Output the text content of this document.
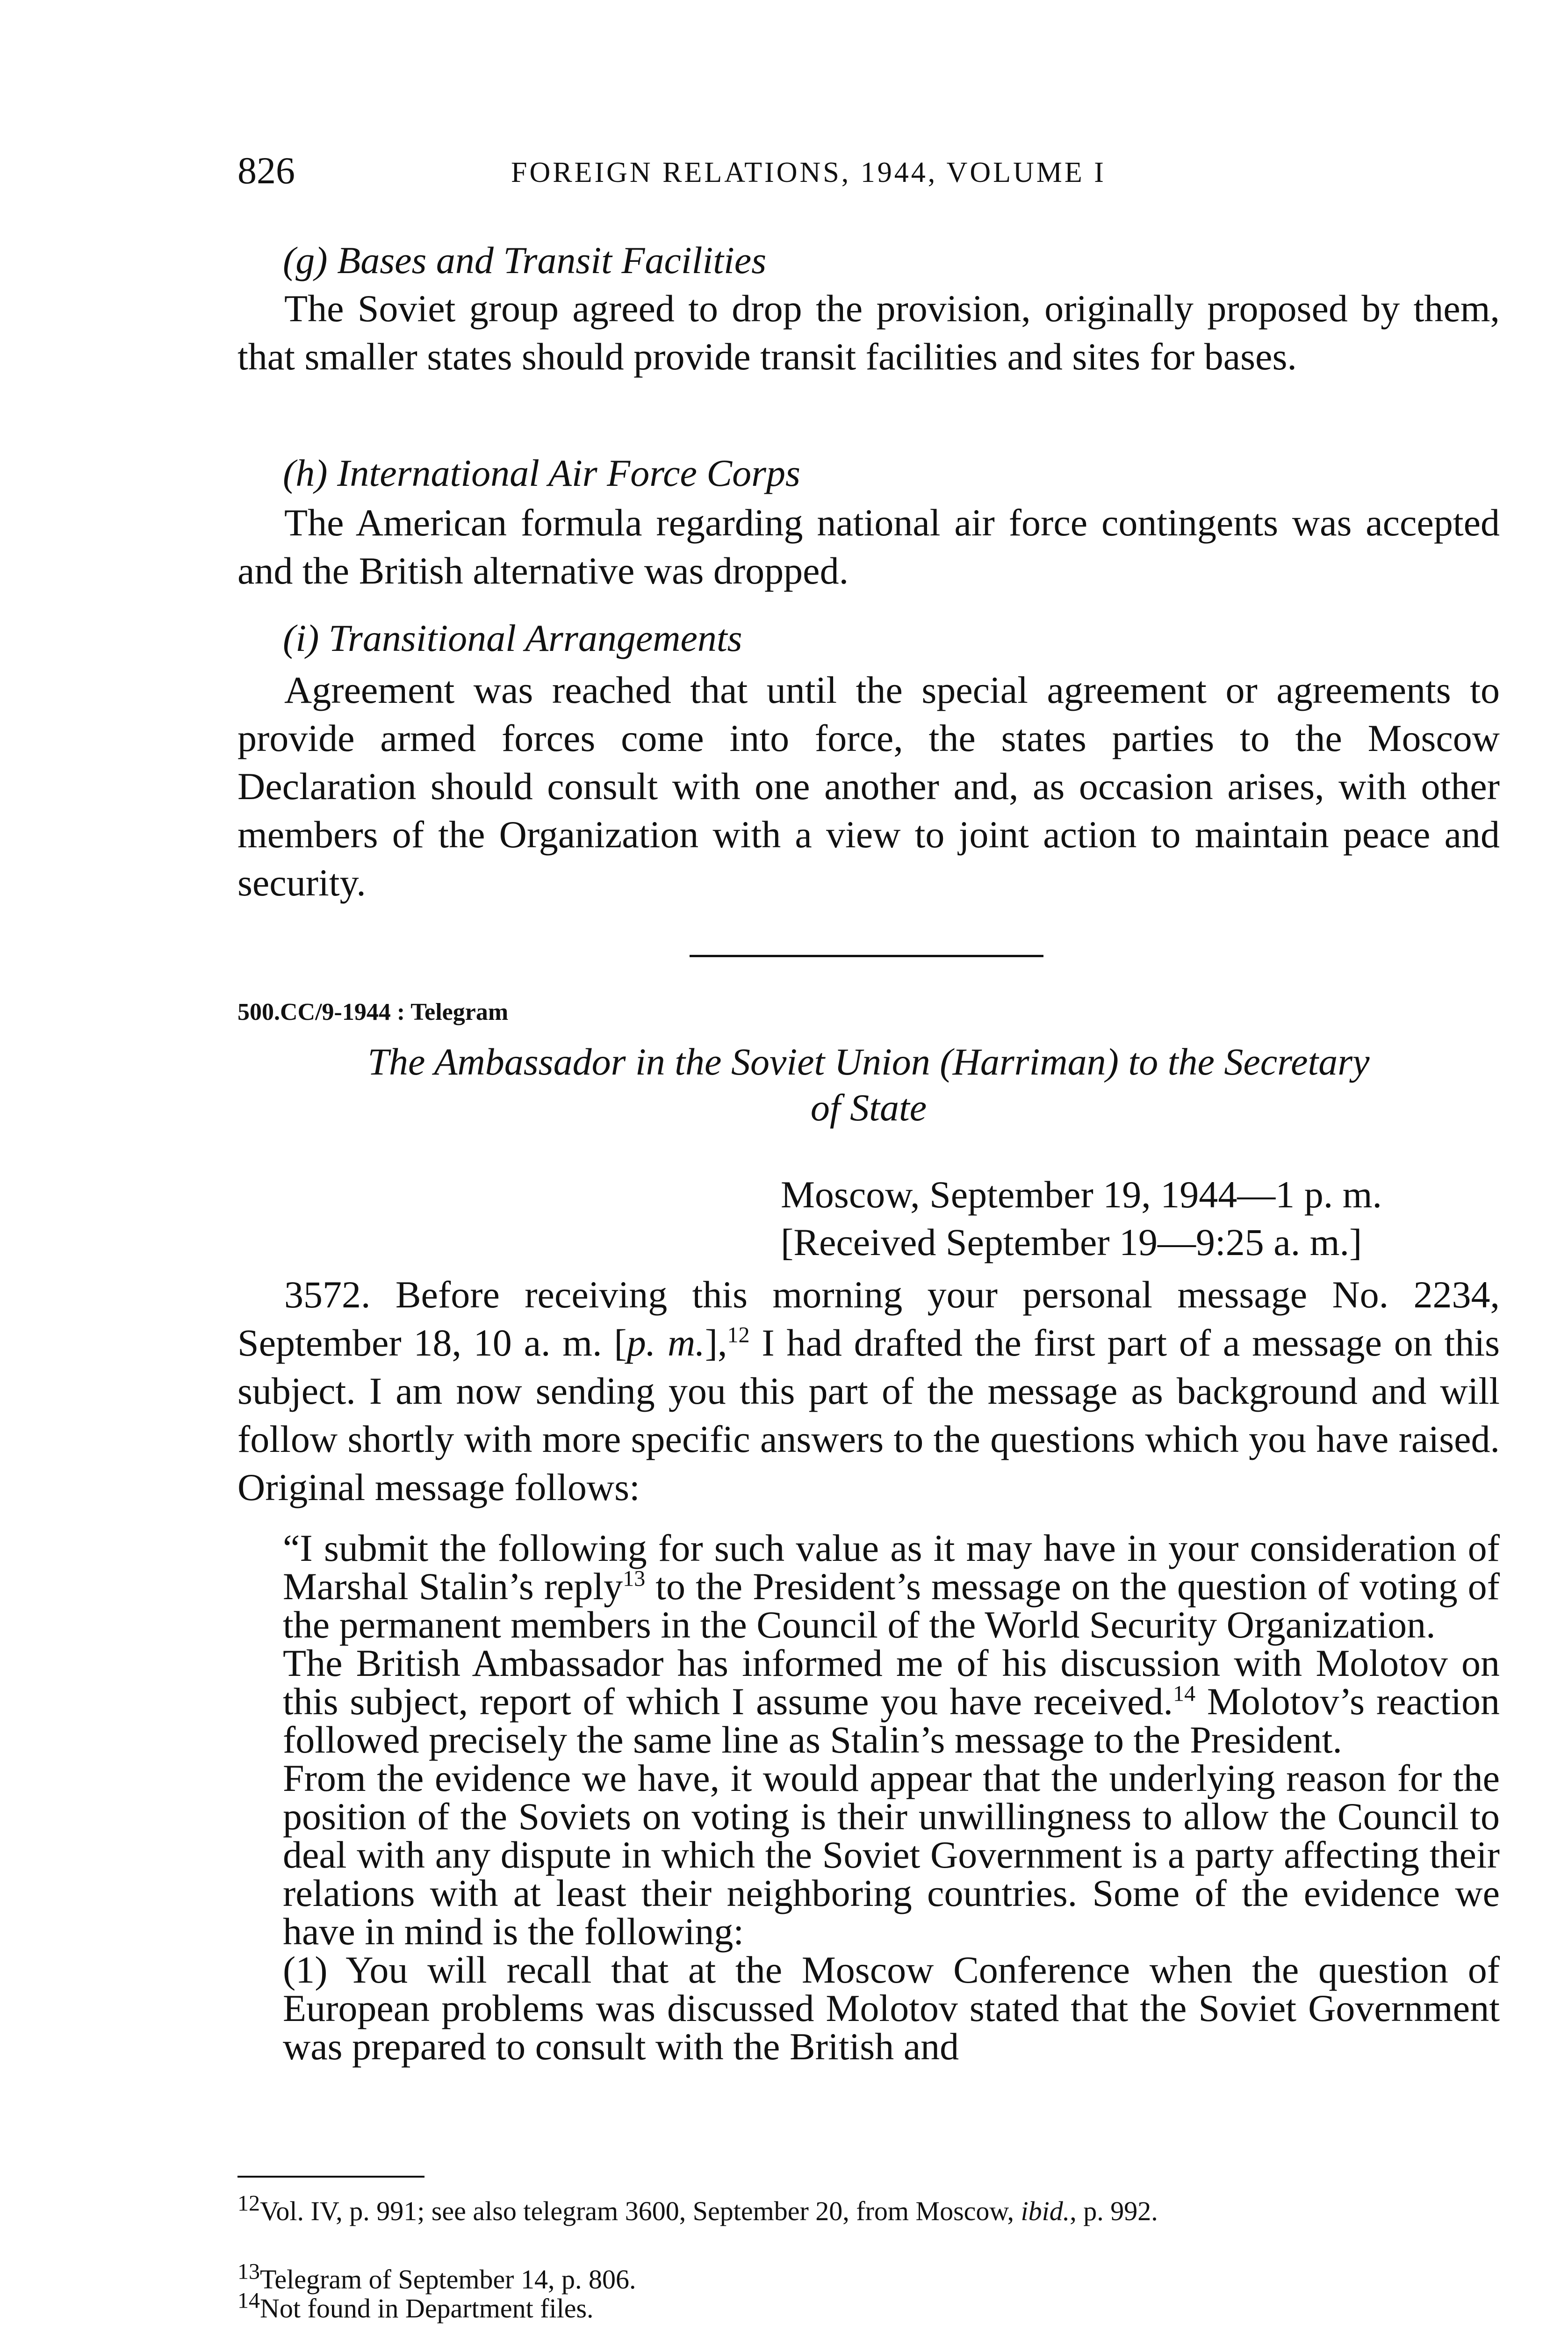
826	FOREIGN RELATIONS, 1944, VOLUME I
(g) Bases and Transit Facilities

The Soviet group agreed to drop the provision, originally proposed by them, that smaller states should provide transit facilities and sites for bases.

(h) International Air Force Corps

The American formula regarding national air force contingents was accepted and the British alternative was dropped.

(i) Transitional Arrangements

Agreement was reached that until the special agreement or agreements to provide armed forces come into force, the states parties to the Moscow Declaration should consult with one another and, as occasion arises, with other members of the Organization with a view to joint action to maintain peace and security.

500.CC/9-1944 : Telegram
The Ambassador in the Soviet Union (Harriman) to the Secretary
of State
Moscow, September 19, 1944—1 p. m.
[Received September 19—9:25 a. m.]

3572. Before receiving this morning your personal message No. 2234, September 18, 10 a. m. [p. m.],$^{12}$ I had drafted the first part of a message on this subject. I am now sending you this part of the message as background and will follow shortly with more specific answers to the questions which you have raised. Original message follows:

“I submit the following for such value as it may have in your consideration of Marshal Stalin’s reply$^{13}$ to the President’s message on the question of voting of the permanent members in the Council of the World Security Organization.

The British Ambassador has informed me of his discussion with Molotov on this subject, report of which I assume you have received.$^{14}$ Molotov’s reaction followed precisely the same line as Stalin’s message to the President.

From the evidence we have, it would appear that the underlying reason for the position of the Soviets on voting is their unwillingness to allow the Council to deal with any dispute in which the Soviet Government is a party affecting their relations with at least their neighboring countries. Some of the evidence we have in mind is the following:

(1) You will recall that at the Moscow Conference when the question of European problems was discussed Molotov stated that the Soviet Government was prepared to consult with the British and

$^{12}$Vol. IV, p. 991; see also telegram 3600, September 20, from Moscow, ibid., p. 992.
$^{13}$Telegram of September 14, p. 806.
$^{14}$Not found in Department files.
